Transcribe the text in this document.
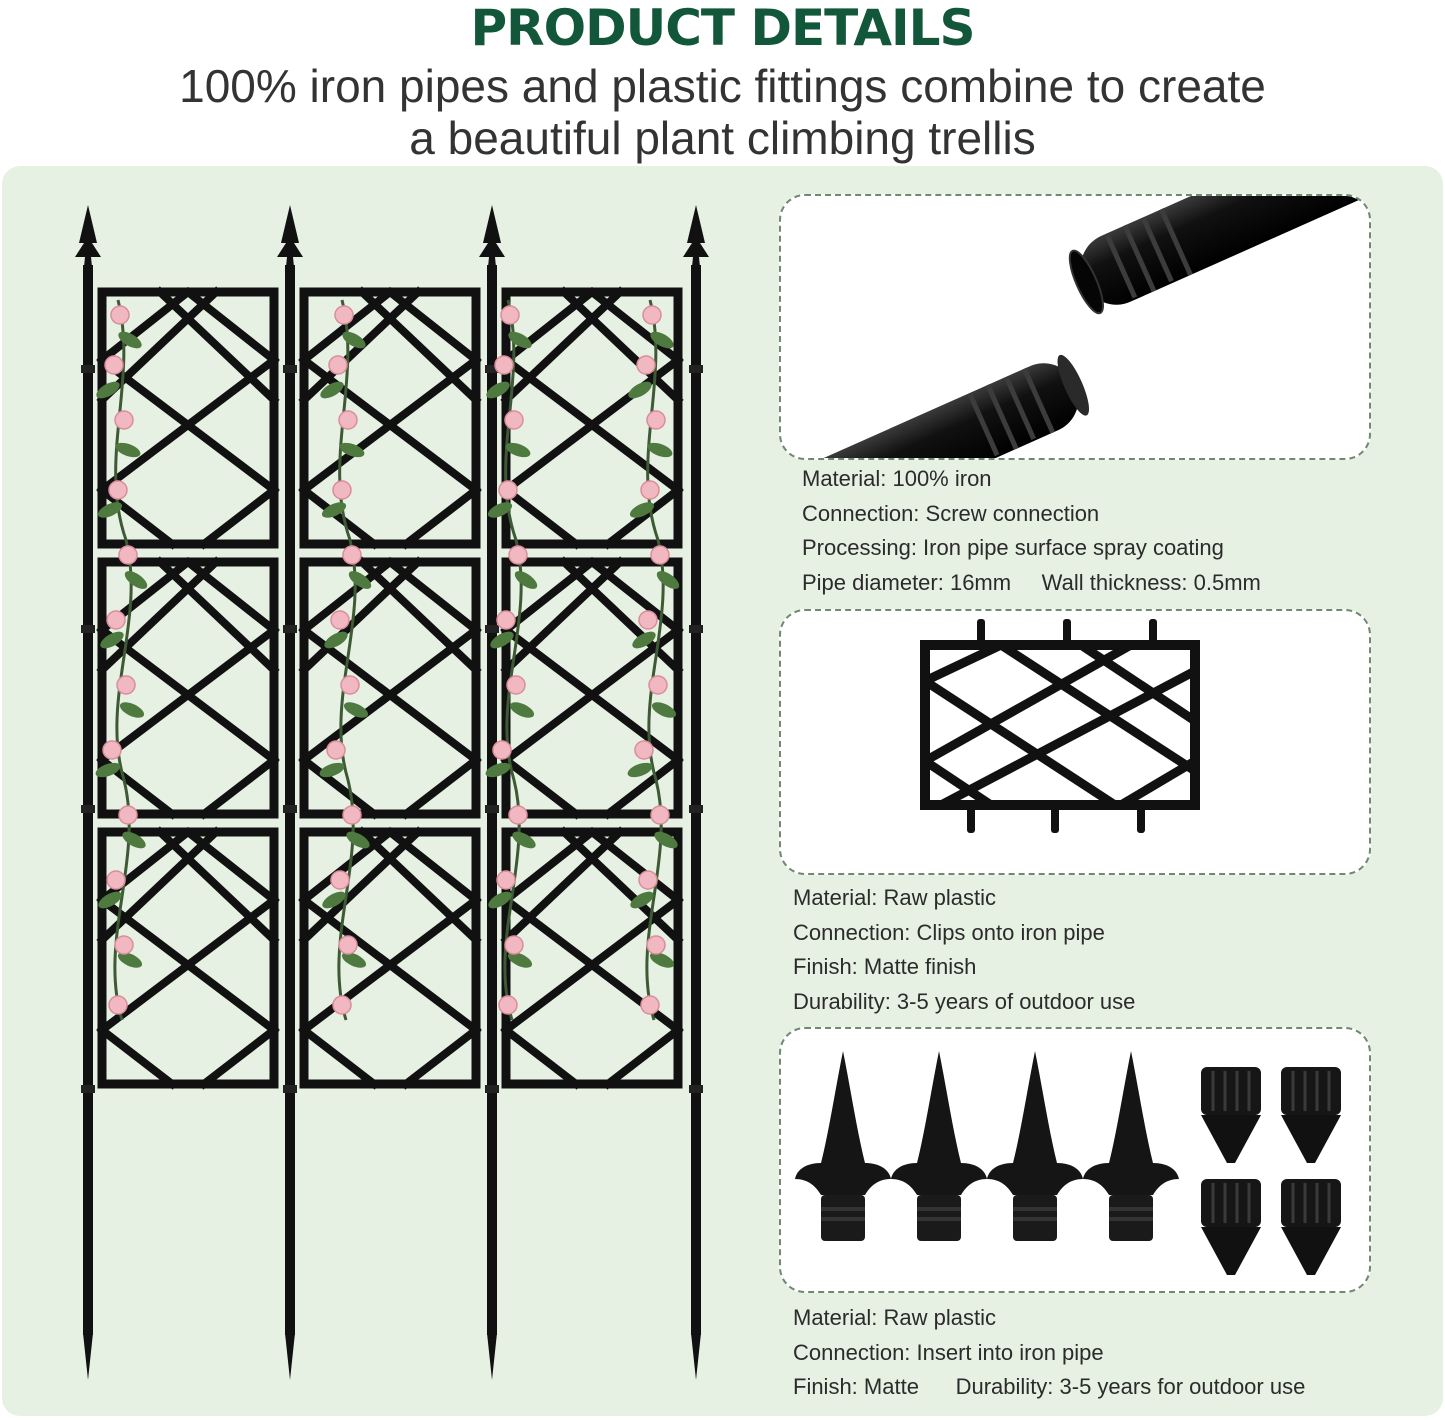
PRODUCT DETAILS
100% iron pipes and plastic fittings combine to create
a beautiful plant climbing trellis
Material: 100% iron
Connection: Screw connection
Processing: Iron pipe surface spray coating
Pipe diameter: 16mm     Wall thickness: 0.5mm
Material: Raw plastic
Connection: Clips onto iron pipe
Finish: Matte finish
Durability: 3-5 years of outdoor use
Material: Raw plastic
Connection: Insert into iron pipe
Finish: Matte      Durability: 3-5 years for outdoor use
